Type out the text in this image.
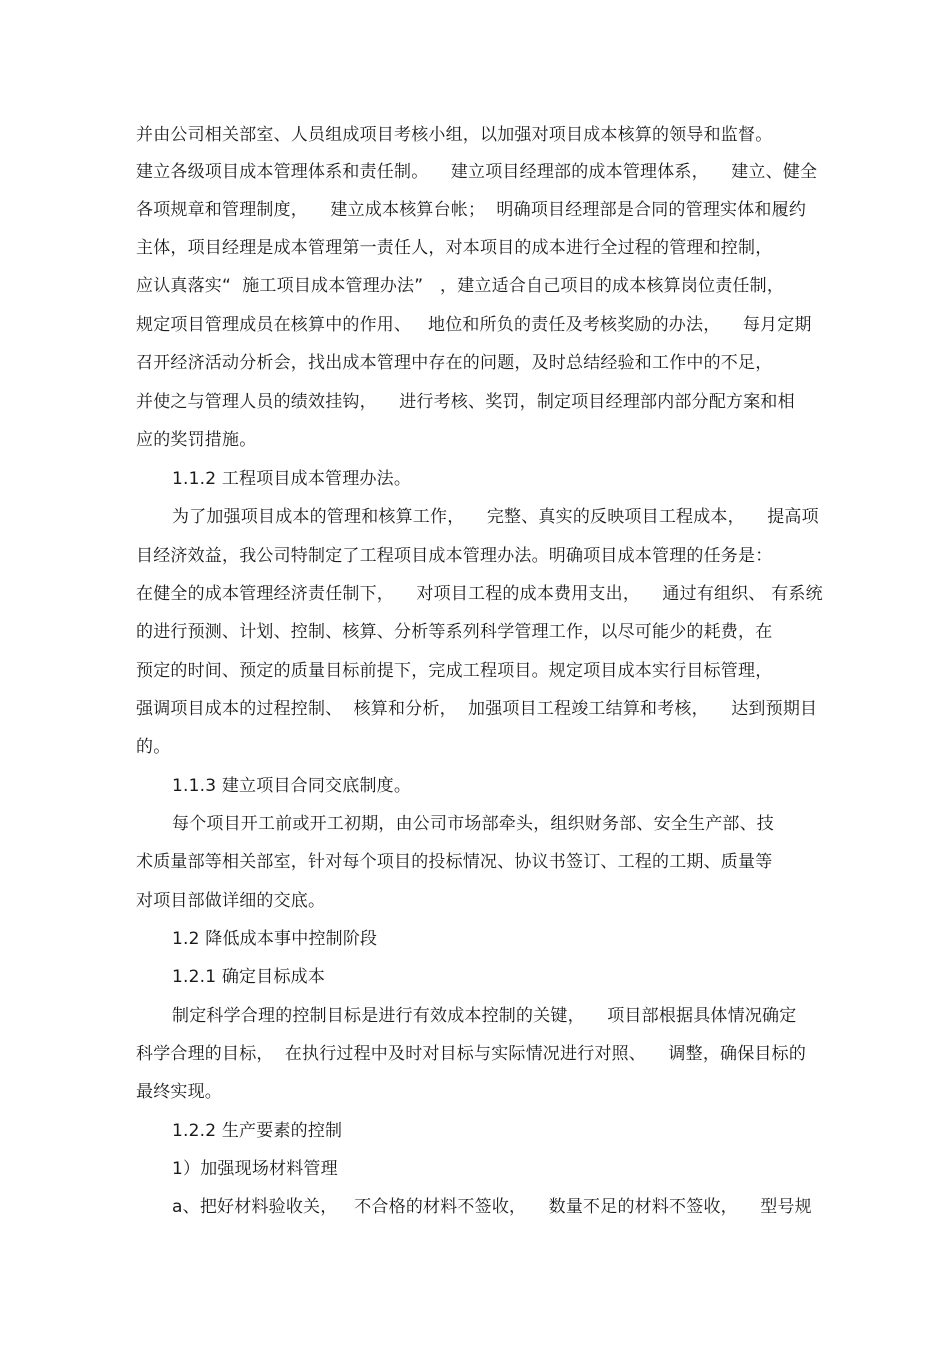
并由公司相关部室、人员组成项目考核小组，以加强对项目成本核算的领导和监督。
建立各级项目成本管理体系和责任制。    建立项目经理部的成本管理体系，    建立、健全
各项规章和管理制度，    建立成本核算台帐；  明确项目经理部是合同的管理实体和履约
主体，项目经理是成本管理第一责任人，对本项目的成本进行全过程的管理和控制，
应认真落实“  施工项目成本管理办法”   ，建立适合自己项目的成本核算岗位责任制，
规定项目管理成员在核算中的作用、   地位和所负的责任及考核奖励的办法，    每月定期
召开经济活动分析会，找出成本管理中存在的问题，及时总结经验和工作中的不足，
并使之与管理人员的绩效挂钩，    进行考核、奖罚，制定项目经理部内部分配方案和相
应的奖罚措施。
1.1.2 工程项目成本管理办法。
为了加强项目成本的管理和核算工作，    完整、真实的反映项目工程成本，    提高项
目经济效益，我公司特制定了工程项目成本管理办法。明确项目成本管理的任务是：
在健全的成本管理经济责任制下，    对项目工程的成本费用支出，    通过有组织、 有系统
的进行预测、计划、控制、核算、分析等系列科学管理工作，以尽可能少的耗费，在
预定的时间、预定的质量目标前提下，完成工程项目。规定项目成本实行目标管理，
强调项目成本的过程控制、  核算和分析，  加强项目工程竣工结算和考核，    达到预期目
的。
1.1.3 建立项目合同交底制度。
每个项目开工前或开工初期，由公司市场部牵头，组织财务部、安全生产部、技
术质量部等相关部室，针对每个项目的投标情况、协议书签订、工程的工期、质量等
对项目部做详细的交底。
1.2 降低成本事中控制阶段
1.2.1 确定目标成本
制定科学合理的控制目标是进行有效成本控制的关键，    项目部根据具体情况确定
科学合理的目标，  在执行过程中及时对目标与实际情况进行对照、    调整，确保目标的
最终实现。
1.2.2 生产要素的控制
1）加强现场材料管理
a、把好材料验收关，   不合格的材料不签收，    数量不足的材料不签收，    型号规
